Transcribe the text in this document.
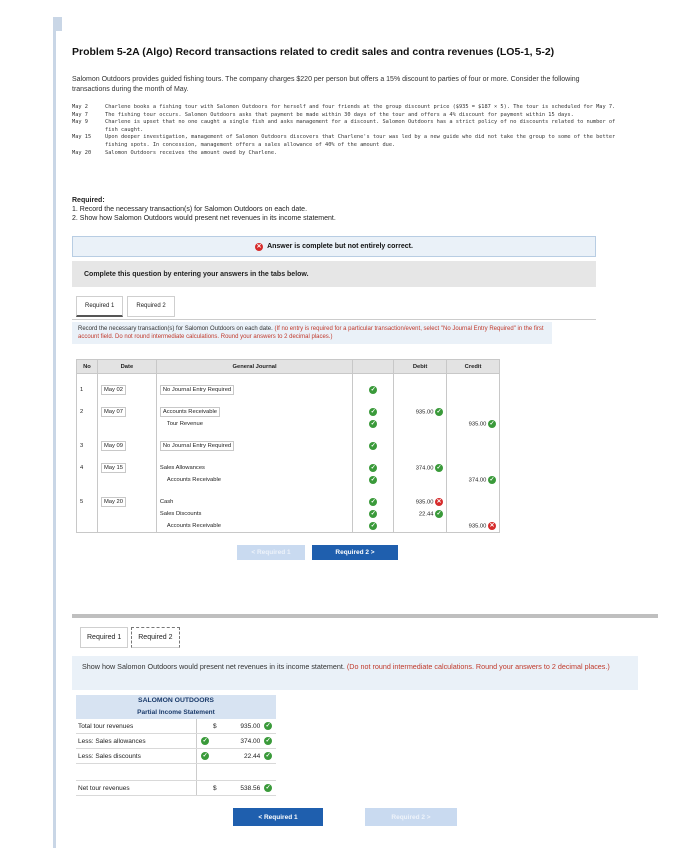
Problem 5-2A (Algo) Record transactions related to credit sales and contra revenues (LO5-1, 5-2)
Salomon Outdoors provides guided fishing tours. The company charges $220 per person but offers a 15% discount to parties of four or more. Consider the following transactions during the month of May.
May 2	Charlene books a fishing tour with Salomon Outdoors for herself and four friends at the group discount price ($935 = $187 × 5). The tour is scheduled for May 7.
May 7	The fishing tour occurs. Salomon Outdoors asks that payment be made within 30 days of the tour and offers a 4% discount for payment within 15 days.
May 9	Charlene is upset that no one caught a single fish and asks management for a discount. Salomon Outdoors has a strict policy of no discounts related to number of fish caught.
May 15	Upon deeper investigation, management of Salomon Outdoors discovers that Charlene's tour was led by a new guide who did not take the group to some of the better fishing spots. In concession, management offers a sales allowance of 40% of the amount due.
May 20	Salomon Outdoors receives the amount owed by Charlene.
Required:
1. Record the necessary transaction(s) for Salomon Outdoors on each date.
2. Show how Salomon Outdoors would present net revenues in its income statement.
✕ Answer is complete but not entirely correct.
Complete this question by entering your answers in the tabs below.
Required 1	Required 2
Record the necessary transaction(s) for Salomon Outdoors on each date. (If no entry is required for a particular transaction/event, select "No Journal Entry Required" in the first account field. Do not round intermediate calculations. Round your answers to 2 decimal places.)
No	Date	General Journal		Debit	Credit

1	May 02	No Journal Entry Required	✓		

2	May 07	Accounts Receivable	✓	935.00 ✓	
		Tour Revenue	✓		935.00 ✓

3	May 09	No Journal Entry Required	✓		

4	May 15	Sales Allowances	✓	374.00 ✓	
		Accounts Receivable	✓		374.00 ✓

5	May 20	Cash	✓	935.00 ✕	
		Sales Discounts	✓	22.44 ✓	
		Accounts Receivable	✓		935.00 ✕
< Required 1	Required 2 >
Required 1	Required 2
Show how Salomon Outdoors would present net revenues in its income statement. (Do not round intermediate calculations. Round your answers to 2 decimal places.)
SALOMON OUTDOORS
Partial Income Statement
Total tour revenues	$	935.00 ✓
Less: Sales allowances	✓	374.00 ✓
Less: Sales discounts	✓	22.44 ✓
Net tour revenues	$	538.56 ✓
< Required 1	Required 2 >
